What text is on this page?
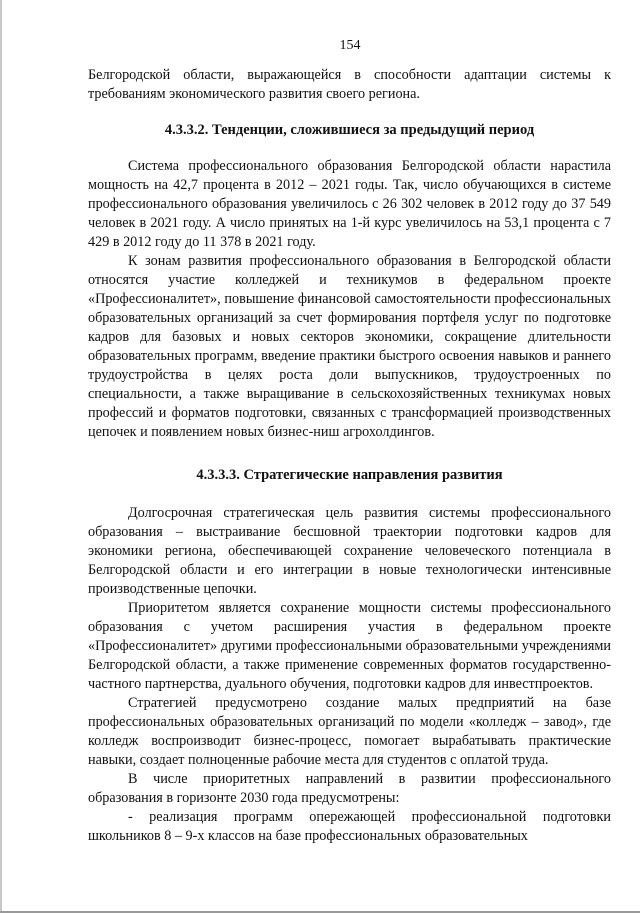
154

Белгородской области, выражающейся в способности адаптации системы к требованиям экономического развития своего региона.

4.3.3.2. Тенденции, сложившиеся за предыдущий период

Система профессионального образования Белгородской области нарастила мощность на 42,7 процента в 2012 – 2021 годы. Так, число обучающихся в системе профессионального образования увеличилось с 26 302 человек в 2012 году до 37 549 человек в 2021 году. А число принятых на 1-й курс увеличилось на 53,1 процента с 7 429 в 2012 году до 11 378 в 2021 году.

К зонам развития профессионального образования в Белгородской области относятся участие колледжей и техникумов в федеральном проекте «Профессионалитет», повышение финансовой самостоятельности профессиональных образовательных организаций за счет формирования портфеля услуг по подготовке кадров для базовых и новых секторов экономики, сокращение длительности образовательных программ, введение практики быстрого освоения навыков и раннего трудоустройства в целях роста доли выпускников, трудоустроенных по специальности, а также выращивание в сельскохозяйственных техникумах новых профессий и форматов подготовки, связанных с трансформацией производственных цепочек и появлением новых бизнес-ниш агрохолдингов.

4.3.3.3. Стратегические направления развития

Долгосрочная стратегическая цель развития системы профессионального образования – выстраивание бесшовной траектории подготовки кадров для экономики региона, обеспечивающей сохранение человеческого потенциала в Белгородской области и его интеграции в новые технологически интенсивные производственные цепочки.

Приоритетом является сохранение мощности системы профессионального образования с учетом расширения участия в федеральном проекте «Профессионалитет» другими профессиональными образовательными учреждениями Белгородской области, а также применение современных форматов государственно-частного партнерства, дуального обучения, подготовки кадров для инвестпроектов.

Стратегией предусмотрено создание малых предприятий на базе профессиональных образовательных организаций по модели «колледж – завод», где колледж воспроизводит бизнес-процесс, помогает вырабатывать практические навыки, создает полноценные рабочие места для студентов с оплатой труда.

В числе приоритетных направлений в развитии профессионального образования в горизонте 2030 года предусмотрены:

- реализация программ опережающей профессиональной подготовки школьников 8 – 9-х классов на базе профессиональных образовательных
